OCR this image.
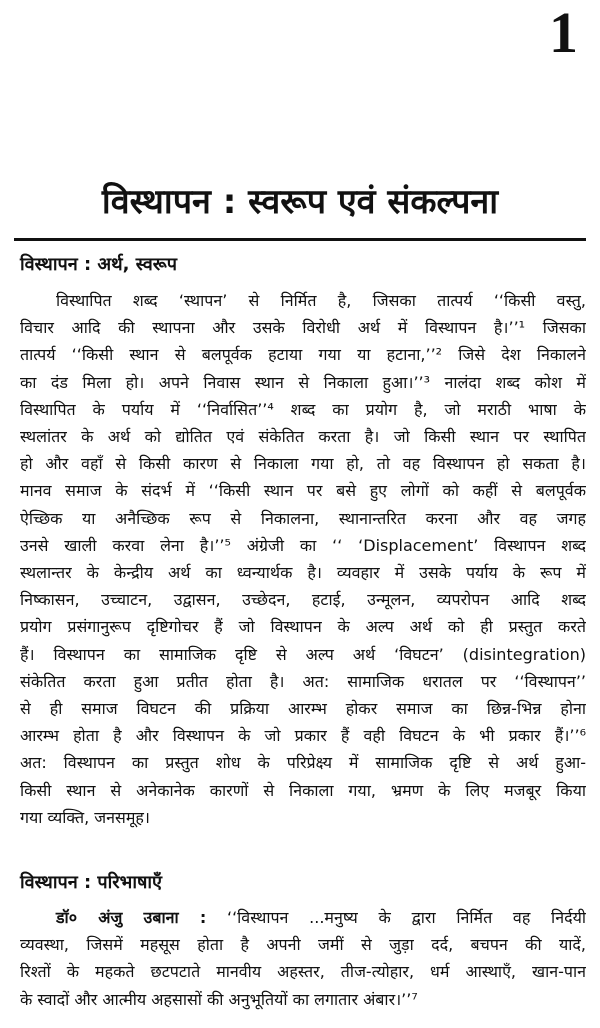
1
विस्थापन : स्वरूप एवं संकल्पना
विस्थापन : अर्थ, स्वरूप
विस्थापित शब्द ‘स्थापन’ से निर्मित है, जिसका तात्पर्य ‘‘किसी वस्तु,
विचार आदि की स्थापना और उसके विरोधी अर्थ में विस्थापन है।’’¹ जिसका
तात्पर्य ‘‘किसी स्थान से बलपूर्वक हटाया गया या हटाना,’’² जिसे देश निकालने
का दंड मिला हो। अपने निवास स्थान से निकाला हुआ।’’³ नालंदा शब्द कोश में
विस्थापित के पर्याय में ‘‘निर्वासित’’⁴ शब्द का प्रयोग है, जो मराठी भाषा के
स्थलांतर के अर्थ को द्योतित एवं संकेतित करता है। जो किसी स्थान पर स्थापित
हो और वहाँ से किसी कारण से निकाला गया हो, तो वह विस्थापन हो सकता है।
मानव समाज के संदर्भ में ‘‘किसी स्थान पर बसे हुए लोगों को कहीं से बलपूर्वक
ऐच्छिक या अनैच्छिक रूप से निकालना, स्थानान्तरित करना और वह जगह
उनसे खाली करवा लेना है।’’⁵ अंग्रेजी का ‘‘ ‘Displacement’ विस्थापन शब्द
स्थलान्तर के केन्द्रीय अर्थ का ध्वन्यार्थक है। व्यवहार में उसके पर्याय के रूप में
निष्कासन, उच्चाटन, उद्वासन, उच्छेदन, हटाई, उन्मूलन, व्यपरोपन आदि शब्द
प्रयोग प्रसंगानुरूप दृष्टिगोचर हैं जो विस्थापन के अल्प अर्थ को ही प्रस्तुत करते
हैं। विस्थापन का सामाजिक दृष्टि से अल्प अर्थ ‘विघटन’ (disintegration)
संकेतित करता हुआ प्रतीत होता है। अत: सामाजिक धरातल पर ‘‘विस्थापन’’
से ही समाज विघटन की प्रक्रिया आरम्भ होकर समाज का छिन्न-भिन्न होना
आरम्भ होता है और विस्थापन के जो प्रकार हैं वही विघटन के भी प्रकार हैं।’’⁶
अत: विस्थापन का प्रस्तुत शोध के परिप्रेक्ष्य में सामाजिक दृष्टि से अर्थ हुआ-
किसी स्थान से अनेकानेक कारणों से निकाला गया, भ्रमण के लिए मजबूर किया
गया व्यक्ति, जनसमूह।
विस्थापन : परिभाषाएँ
डॉ० अंजु उबाना : ‘‘विस्थापन ...मनुष्य के द्वारा निर्मित वह निर्दयी
व्यवस्था, जिसमें महसूस होता है अपनी जमीं से जुड़ा दर्द, बचपन की यादें,
रिश्तों के महकते छटपटाते मानवीय अहस्तर, तीज-त्योहार, धर्म आस्थाएँ, खान-पान
के स्वादों और आत्मीय अहसासों की अनुभूतियों का लगातार अंबार।’’⁷
